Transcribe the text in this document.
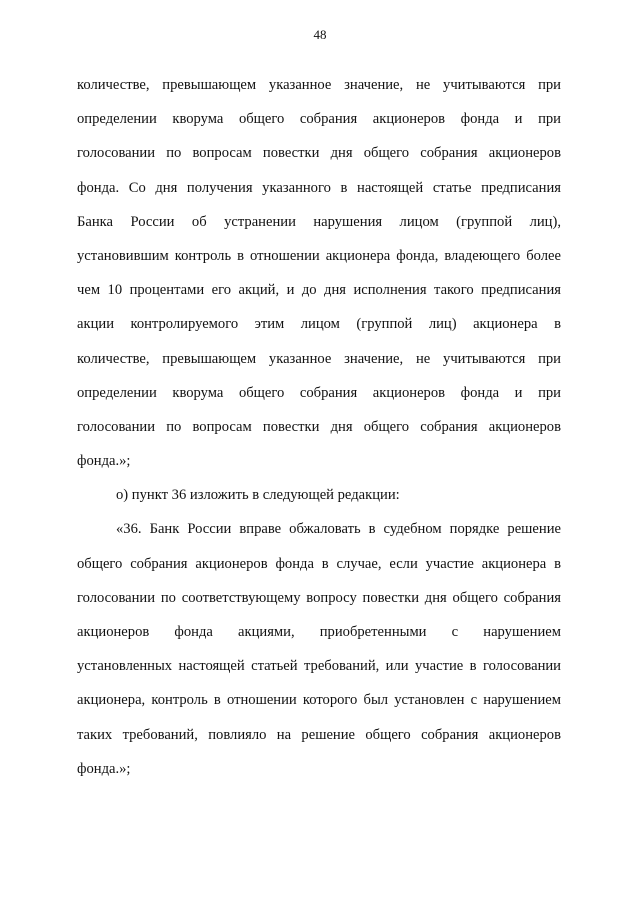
48
количестве, превышающем указанное значение, не учитываются при
определении кворума общего собрания акционеров фонда и при
голосовании по вопросам повестки дня общего собрания акционеров
фонда. Со дня получения указанного в настоящей статье предписания
Банка России об устранении нарушения лицом (группой лиц),
установившим контроль в отношении акционера фонда, владеющего более
чем 10 процентами его акций, и до дня исполнения такого предписания
акции контролируемого этим лицом (группой лиц) акционера в
количестве, превышающем указанное значение, не учитываются при
определении кворума общего собрания акционеров фонда и при
голосовании по вопросам повестки дня общего собрания акционеров
фонда.»;
о) пункт 36 изложить в следующей редакции:
«36. Банк России вправе обжаловать в судебном порядке решение
общего собрания акционеров фонда в случае, если участие акционера в
голосовании по соответствующему вопросу повестки дня общего собрания
акционеров фонда акциями, приобретенными с нарушением
установленных настоящей статьей требований, или участие в голосовании
акционера, контроль в отношении которого был установлен с нарушением
таких требований, повлияло на решение общего собрания акционеров
фонда.»;
